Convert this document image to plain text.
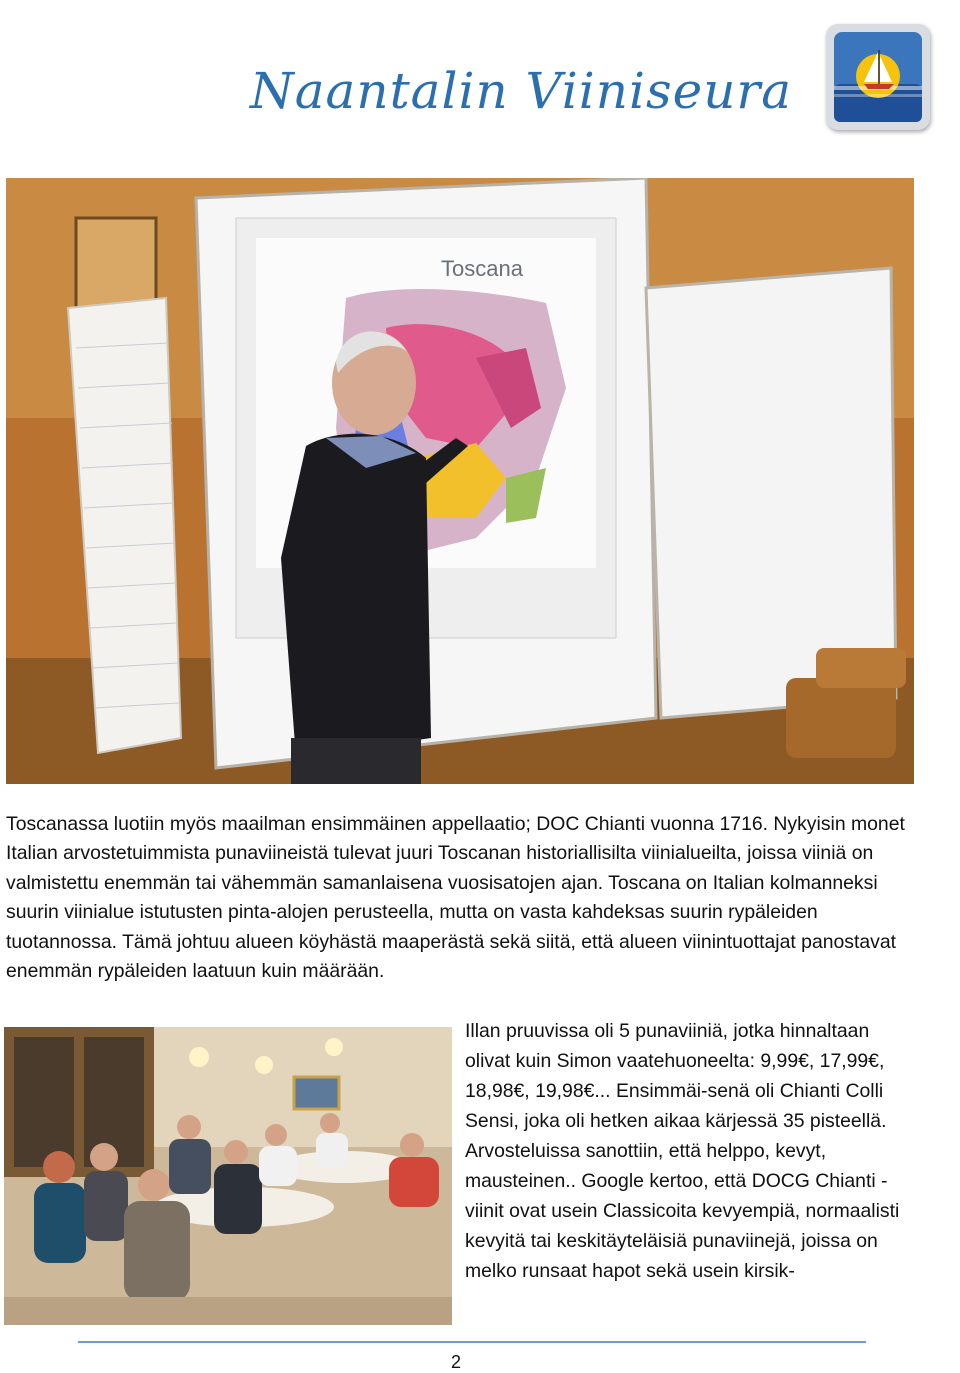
Naantalin Viiniseura
Toscana

Toscanassa luotiin myös maailman ensimmäinen appellaatio; DOC Chianti vuonna 1716. Nykyisin monet Italian arvostetuimmista punaviineistä tulevat juuri Toscanan historiallisilta viinialueilta, joissa viiniä on valmistettu enemmän tai vähemmän samanlaisena vuosisatojen ajan. Toscana on Italian kolmanneksi suurin viinialue istutusten pinta-alojen perusteella, mutta on vasta kahdeksas suurin rypäleiden tuotannossa. Tämä johtuu alueen köyhästä maaperästä sekä siitä, että alueen viinintuottajat panostavat enemmän rypäleiden laatuun kuin määrään.

Illan pruuvissa oli 5 punaviiniä, jotka hinnaltaan olivat kuin Simon vaatehuoneelta: 9,99€, 17,99€, 18,98€, 19,98€... Ensimmäi-senä oli Chianti Colli Sensi, joka oli hetken aikaa kärjessä 35 pisteellä. Arvosteluissa sanottiin, että helppo, kevyt, mausteinen.. Google kertoo, että DOCG Chianti -viinit ovat usein Classicoita kevyempiä, normaalisti kevyitä tai keskitäyteläisiä punaviinejä, joissa on melko runsaat hapot sekä usein kirsik-

2
